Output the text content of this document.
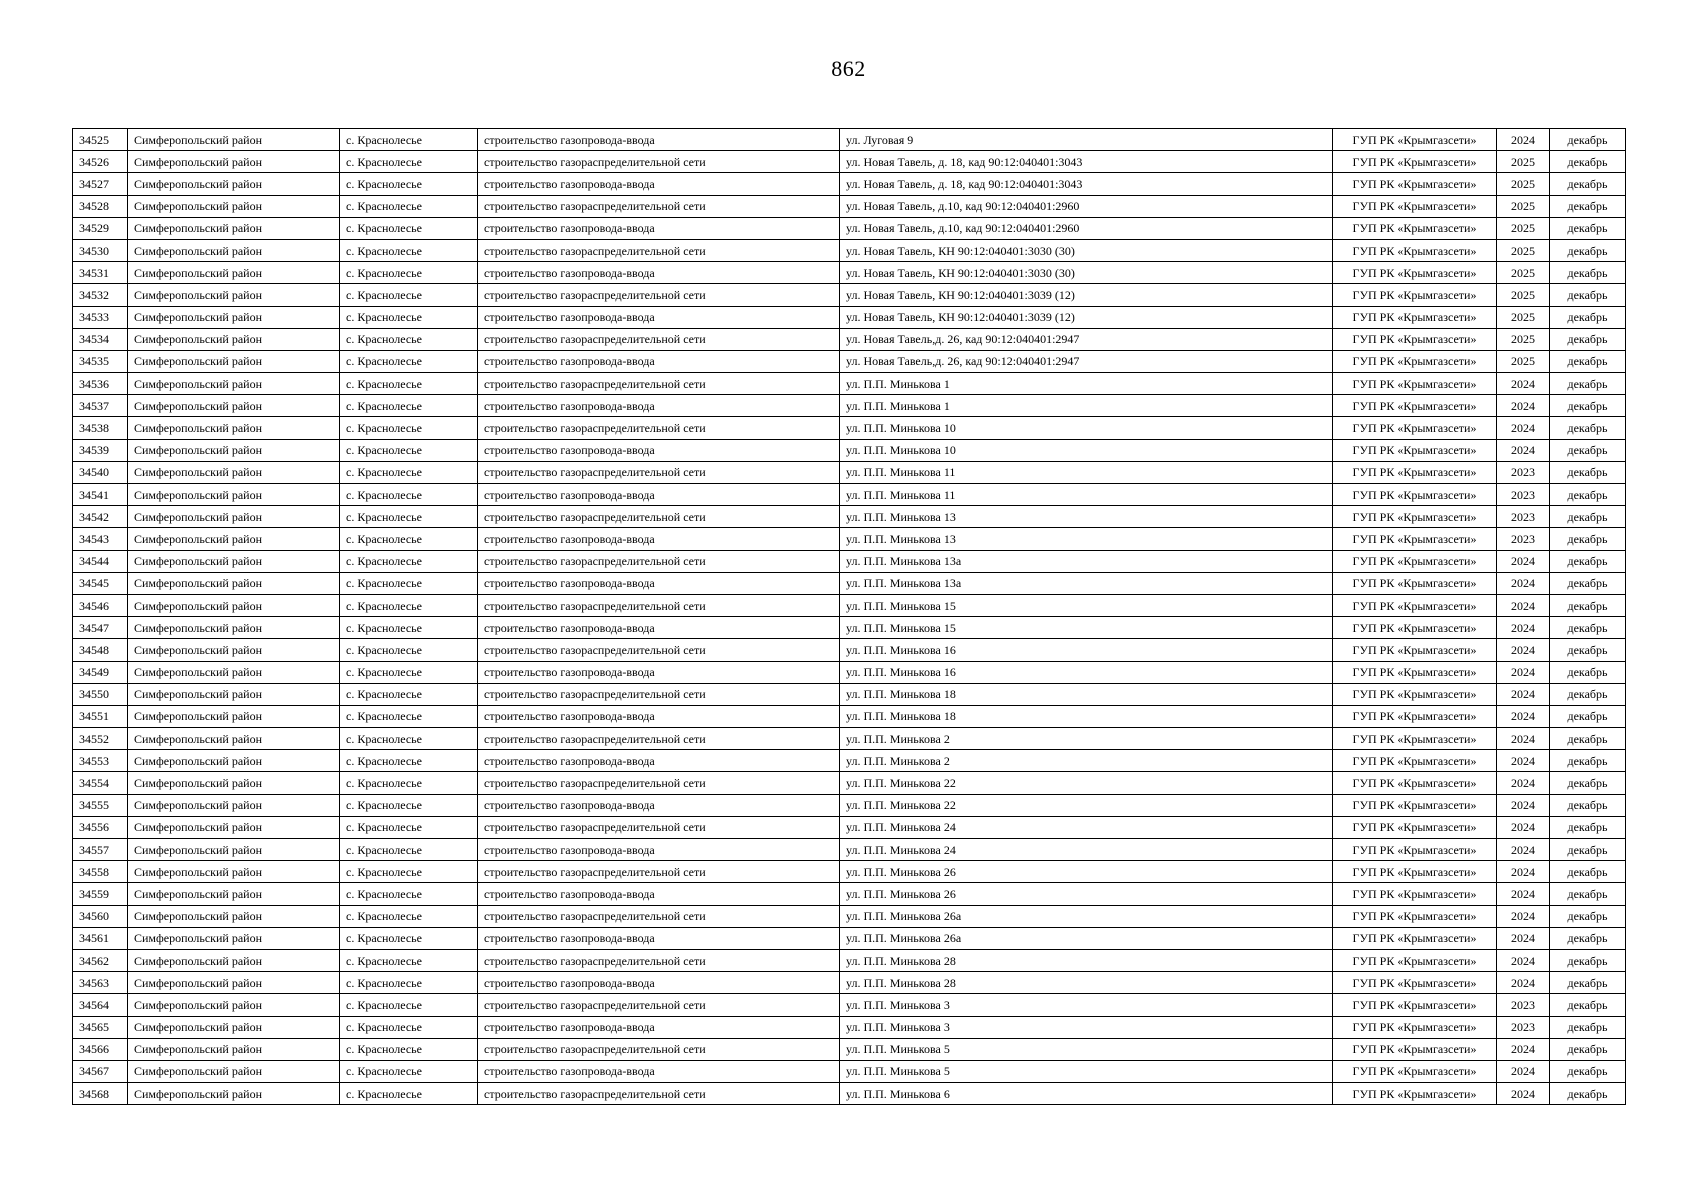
862
34525	Симферопольский район	с. Краснолесье	строительство газопровода-ввода	ул. Луговая 9	ГУП РК «Крымгазсети»	2024	декабрь
34526	Симферопольский район	с. Краснолесье	строительство газораспределительной сети	ул. Новая Тавель, д. 18, кад 90:12:040401:3043	ГУП РК «Крымгазсети»	2025	декабрь
34527	Симферопольский район	с. Краснолесье	строительство газопровода-ввода	ул. Новая Тавель, д. 18, кад 90:12:040401:3043	ГУП РК «Крымгазсети»	2025	декабрь
34528	Симферопольский район	с. Краснолесье	строительство газораспределительной сети	ул. Новая Тавель, д.10, кад 90:12:040401:2960	ГУП РК «Крымгазсети»	2025	декабрь
34529	Симферопольский район	с. Краснолесье	строительство газопровода-ввода	ул. Новая Тавель, д.10, кад 90:12:040401:2960	ГУП РК «Крымгазсети»	2025	декабрь
34530	Симферопольский район	с. Краснолесье	строительство газораспределительной сети	ул. Новая Тавель, КН 90:12:040401:3030 (30)	ГУП РК «Крымгазсети»	2025	декабрь
34531	Симферопольский район	с. Краснолесье	строительство газопровода-ввода	ул. Новая Тавель, КН 90:12:040401:3030 (30)	ГУП РК «Крымгазсети»	2025	декабрь
34532	Симферопольский район	с. Краснолесье	строительство газораспределительной сети	ул. Новая Тавель, КН 90:12:040401:3039 (12)	ГУП РК «Крымгазсети»	2025	декабрь
34533	Симферопольский район	с. Краснолесье	строительство газопровода-ввода	ул. Новая Тавель, КН 90:12:040401:3039 (12)	ГУП РК «Крымгазсети»	2025	декабрь
34534	Симферопольский район	с. Краснолесье	строительство газораспределительной сети	ул. Новая Тавель,д. 26, кад 90:12:040401:2947	ГУП РК «Крымгазсети»	2025	декабрь
34535	Симферопольский район	с. Краснолесье	строительство газопровода-ввода	ул. Новая Тавель,д. 26, кад 90:12:040401:2947	ГУП РК «Крымгазсети»	2025	декабрь
34536	Симферопольский район	с. Краснолесье	строительство газораспределительной сети	ул. П.П. Минькова 1	ГУП РК «Крымгазсети»	2024	декабрь
34537	Симферопольский район	с. Краснолесье	строительство газопровода-ввода	ул. П.П. Минькова 1	ГУП РК «Крымгазсети»	2024	декабрь
34538	Симферопольский район	с. Краснолесье	строительство газораспределительной сети	ул. П.П. Минькова 10	ГУП РК «Крымгазсети»	2024	декабрь
34539	Симферопольский район	с. Краснолесье	строительство газопровода-ввода	ул. П.П. Минькова 10	ГУП РК «Крымгазсети»	2024	декабрь
34540	Симферопольский район	с. Краснолесье	строительство газораспределительной сети	ул. П.П. Минькова 11	ГУП РК «Крымгазсети»	2023	декабрь
34541	Симферопольский район	с. Краснолесье	строительство газопровода-ввода	ул. П.П. Минькова 11	ГУП РК «Крымгазсети»	2023	декабрь
34542	Симферопольский район	с. Краснолесье	строительство газораспределительной сети	ул. П.П. Минькова 13	ГУП РК «Крымгазсети»	2023	декабрь
34543	Симферопольский район	с. Краснолесье	строительство газопровода-ввода	ул. П.П. Минькова 13	ГУП РК «Крымгазсети»	2023	декабрь
34544	Симферопольский район	с. Краснолесье	строительство газораспределительной сети	ул. П.П. Минькова 13а	ГУП РК «Крымгазсети»	2024	декабрь
34545	Симферопольский район	с. Краснолесье	строительство газопровода-ввода	ул. П.П. Минькова 13а	ГУП РК «Крымгазсети»	2024	декабрь
34546	Симферопольский район	с. Краснолесье	строительство газораспределительной сети	ул. П.П. Минькова 15	ГУП РК «Крымгазсети»	2024	декабрь
34547	Симферопольский район	с. Краснолесье	строительство газопровода-ввода	ул. П.П. Минькова 15	ГУП РК «Крымгазсети»	2024	декабрь
34548	Симферопольский район	с. Краснолесье	строительство газораспределительной сети	ул. П.П. Минькова 16	ГУП РК «Крымгазсети»	2024	декабрь
34549	Симферопольский район	с. Краснолесье	строительство газопровода-ввода	ул. П.П. Минькова 16	ГУП РК «Крымгазсети»	2024	декабрь
34550	Симферопольский район	с. Краснолесье	строительство газораспределительной сети	ул. П.П. Минькова 18	ГУП РК «Крымгазсети»	2024	декабрь
34551	Симферопольский район	с. Краснолесье	строительство газопровода-ввода	ул. П.П. Минькова 18	ГУП РК «Крымгазсети»	2024	декабрь
34552	Симферопольский район	с. Краснолесье	строительство газораспределительной сети	ул. П.П. Минькова 2	ГУП РК «Крымгазсети»	2024	декабрь
34553	Симферопольский район	с. Краснолесье	строительство газопровода-ввода	ул. П.П. Минькова 2	ГУП РК «Крымгазсети»	2024	декабрь
34554	Симферопольский район	с. Краснолесье	строительство газораспределительной сети	ул. П.П. Минькова 22	ГУП РК «Крымгазсети»	2024	декабрь
34555	Симферопольский район	с. Краснолесье	строительство газопровода-ввода	ул. П.П. Минькова 22	ГУП РК «Крымгазсети»	2024	декабрь
34556	Симферопольский район	с. Краснолесье	строительство газораспределительной сети	ул. П.П. Минькова 24	ГУП РК «Крымгазсети»	2024	декабрь
34557	Симферопольский район	с. Краснолесье	строительство газопровода-ввода	ул. П.П. Минькова 24	ГУП РК «Крымгазсети»	2024	декабрь
34558	Симферопольский район	с. Краснолесье	строительство газораспределительной сети	ул. П.П. Минькова 26	ГУП РК «Крымгазсети»	2024	декабрь
34559	Симферопольский район	с. Краснолесье	строительство газопровода-ввода	ул. П.П. Минькова 26	ГУП РК «Крымгазсети»	2024	декабрь
34560	Симферопольский район	с. Краснолесье	строительство газораспределительной сети	ул. П.П. Минькова 26а	ГУП РК «Крымгазсети»	2024	декабрь
34561	Симферопольский район	с. Краснолесье	строительство газопровода-ввода	ул. П.П. Минькова 26а	ГУП РК «Крымгазсети»	2024	декабрь
34562	Симферопольский район	с. Краснолесье	строительство газораспределительной сети	ул. П.П. Минькова 28	ГУП РК «Крымгазсети»	2024	декабрь
34563	Симферопольский район	с. Краснолесье	строительство газопровода-ввода	ул. П.П. Минькова 28	ГУП РК «Крымгазсети»	2024	декабрь
34564	Симферопольский район	с. Краснолесье	строительство газораспределительной сети	ул. П.П. Минькова 3	ГУП РК «Крымгазсети»	2023	декабрь
34565	Симферопольский район	с. Краснолесье	строительство газопровода-ввода	ул. П.П. Минькова 3	ГУП РК «Крымгазсети»	2023	декабрь
34566	Симферопольский район	с. Краснолесье	строительство газораспределительной сети	ул. П.П. Минькова 5	ГУП РК «Крымгазсети»	2024	декабрь
34567	Симферопольский район	с. Краснолесье	строительство газопровода-ввода	ул. П.П. Минькова 5	ГУП РК «Крымгазсети»	2024	декабрь
34568	Симферопольский район	с. Краснолесье	строительство газораспределительной сети	ул. П.П. Минькова 6	ГУП РК «Крымгазсети»	2024	декабрь
